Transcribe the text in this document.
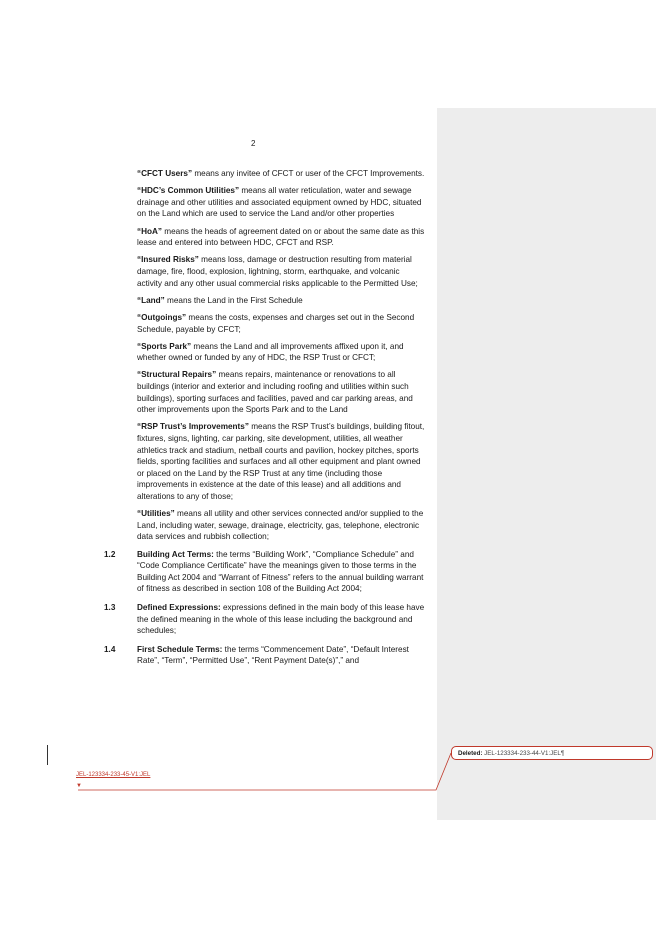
2

“CFCT Users” means any invitee of CFCT or user of the CFCT Improvements.

“HDC’s Common Utilities” means all water reticulation, water and sewage drainage and other utilities and associated equipment owned by HDC, situated on the Land which are used to service the Land and/or other properties

“HoA” means the heads of agreement dated on or about the same date as this lease and entered into between HDC, CFCT and RSP.

“Insured Risks” means loss, damage or destruction resulting from material damage, fire, flood, explosion, lightning, storm, earthquake, and volcanic activity and any other usual commercial risks applicable to the Permitted Use;

“Land” means the Land in the First Schedule

“Outgoings” means the costs, expenses and charges set out in the Second Schedule, payable by CFCT;

“Sports Park” means the Land and all improvements affixed upon it, and whether owned or funded by any of HDC, the RSP Trust or CFCT;

“Structural Repairs” means repairs, maintenance or renovations to all buildings (interior and exterior and including roofing and utilities within such buildings), sporting surfaces and facilities, paved and car parking areas, and other improvements upon the Sports Park and to the Land

“RSP Trust’s Improvements” means the RSP Trust’s buildings, building fitout, fixtures, signs, lighting, car parking, site development, utilities, all weather athletics track and stadium, netball courts and pavilion, hockey pitches, sports fields, sporting facilities and surfaces and all other equipment and plant owned or placed on the Land by the RSP Trust at any time (including those improvements in existence at the date of this lease) and all additions and alterations to any of those;

“Utilities” means all utility and other services connected and/or supplied to the Land, including water, sewage, drainage, electricity, gas, telephone, electronic data services and rubbish collection;

1.2	Building Act Terms: the terms “Building Work”, “Compliance Schedule” and “Code Compliance Certificate” have the meanings given to those terms in the Building Act 2004 and “Warrant of Fitness” refers to the annual building warrant of fitness as described in section 108 of the Building Act 2004;

1.3	Defined Expressions: expressions defined in the main body of this lease have the defined meaning in the whole of this lease including the background and schedules;

1.4	First Schedule Terms: the terms “Commencement Date”, “Default Interest Rate”, “Term”, “Permitted Use”, “Rent Payment Date(s)”,” and

Deleted: JEL-123334-233-44-V1:JEL¶
JEL-123334-233-45-V1:JEL
▼
